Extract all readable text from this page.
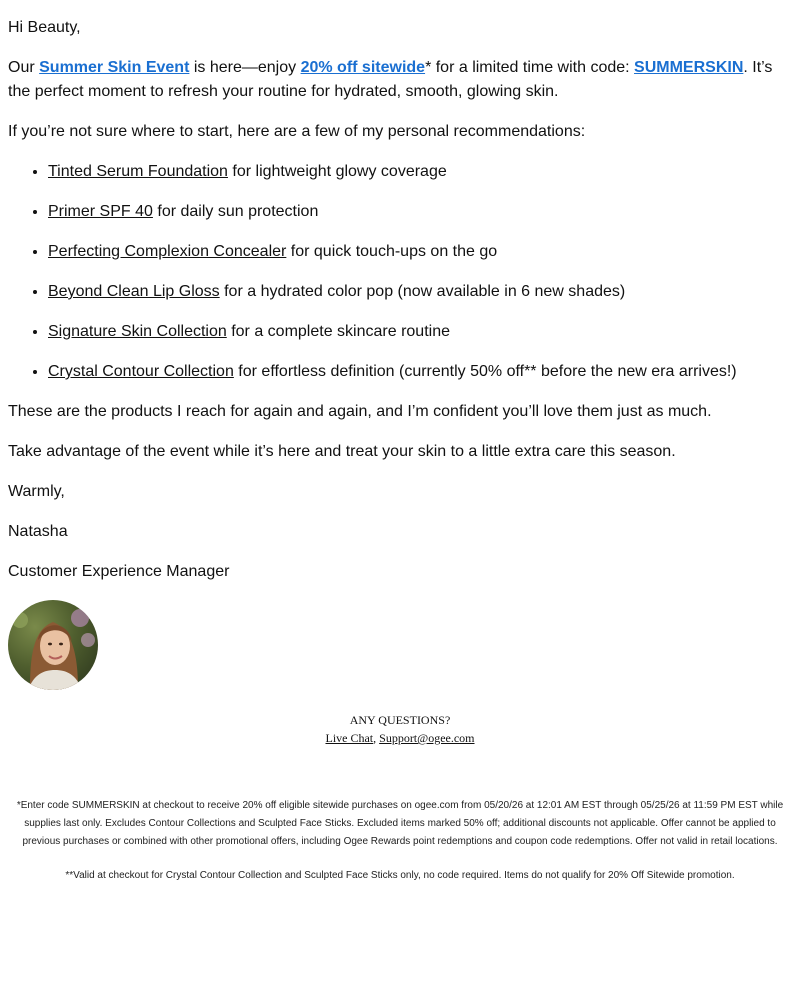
Hi Beauty,

Our Summer Skin Event is here—enjoy 20% off sitewide* for a limited time with code: SUMMERSKIN. It’s the perfect moment to refresh your routine for hydrated, smooth, glowing skin.

If you’re not sure where to start, here are a few of my personal recommendations:

• Tinted Serum Foundation for lightweight glowy coverage
• Primer SPF 40 for daily sun protection
• Perfecting Complexion Concealer for quick touch-ups on the go
• Beyond Clean Lip Gloss for a hydrated color pop (now available in 6 new shades)
• Signature Skin Collection for a complete skincare routine
• Crystal Contour Collection for effortless definition (currently 50% off** before the new era arrives!)

These are the products I reach for again and again, and I’m confident you’ll love them just as much.

Take advantage of the event while it’s here and treat your skin to a little extra care this season.

Warmly,

Natasha

Customer Experience Manager

ANY QUESTIONS?
Live Chat, Support@ogee.com
*Enter code SUMMERSKIN at checkout to receive 20% off eligible sitewide purchases on ogee.com from 05/20/26 at 12:01 AM EST through 05/25/26 at 11:59 PM EST while supplies last only. Excludes Contour Collections and Sculpted Face Sticks. Excluded items marked 50% off; additional discounts not applicable. Offer cannot be applied to previous purchases or combined with other promotional offers, including Ogee Rewards point redemptions and coupon code redemptions. Offer not valid in retail locations.
**Valid at checkout for Crystal Contour Collection and Sculpted Face Sticks only, no code required. Items do not qualify for 20% Off Sitewide promotion.
